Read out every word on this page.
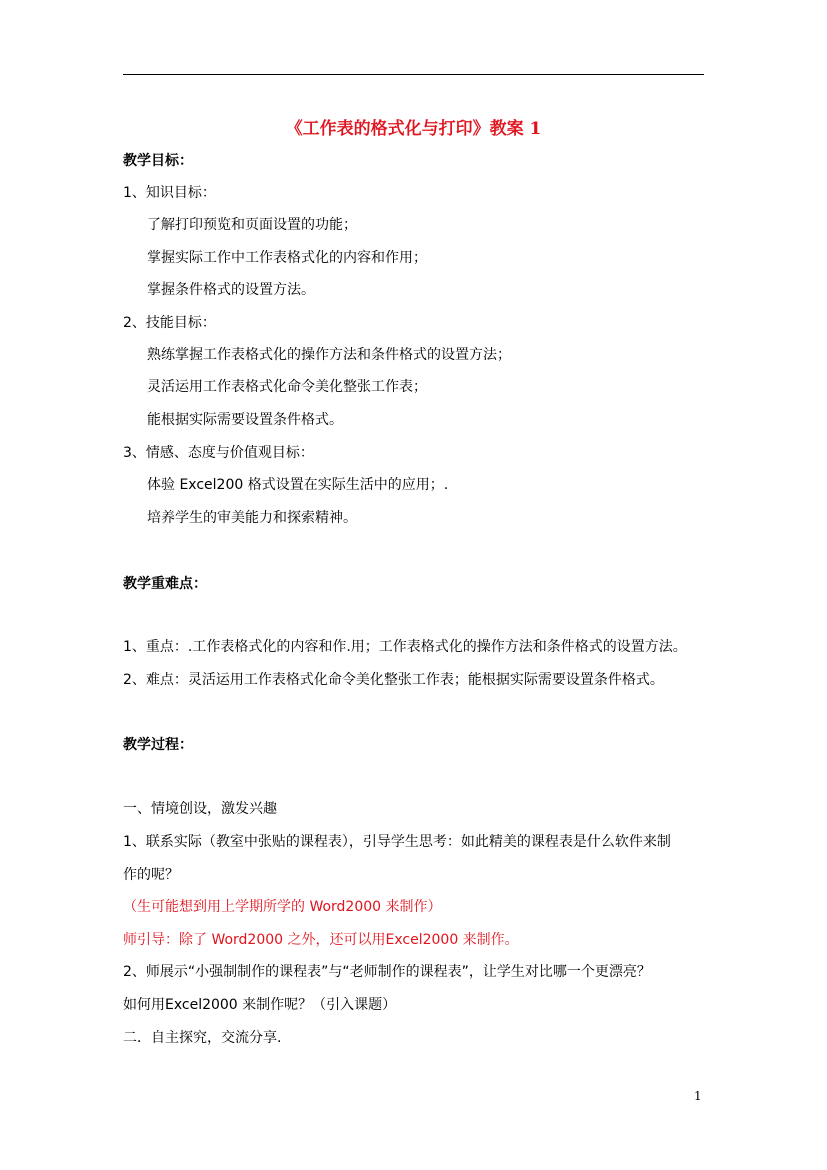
《工作表的格式化与打印》教案 1
教学目标：
1、知识目标：
了解打印预览和页面设置的功能；
掌握实际工作中工作表格式化的内容和作用；
掌握条件格式的设置方法。
2、技能目标：
熟练掌握工作表格式化的操作方法和条件格式的设置方法；
灵活运用工作表格式化命令美化整张工作表；
能根据实际需要设置条件格式。
3、情感、态度与价值观目标：
体验 Excel200 格式设置在实际生活中的应用；.
培养学生的审美能力和探索精神。
教学重难点：
1、重点：.工作表格式化的内容和作.用；工作表格式化的操作方法和条件格式的设置方法。
2、难点：灵活运用工作表格式化命令美化整张工作表；能根据实际需要设置条件格式。
教学过程：
一、情境创设，激发兴趣
1、联系实际（教室中张贴的课程表），引导学生思考：如此精美的课程表是什么软件来制
作的呢？
（生可能想到用上学期所学的 Word2000 来制作）
师引导：除了 Word2000 之外，还可以用Excel2000 来制作。
2、师展示“小强制制作的课程表”与“老师制作的课程表”，让学生对比哪一个更漂亮？
如何用Excel2000 来制作呢？（引入课题）
二．自主探究，交流分享.
1
